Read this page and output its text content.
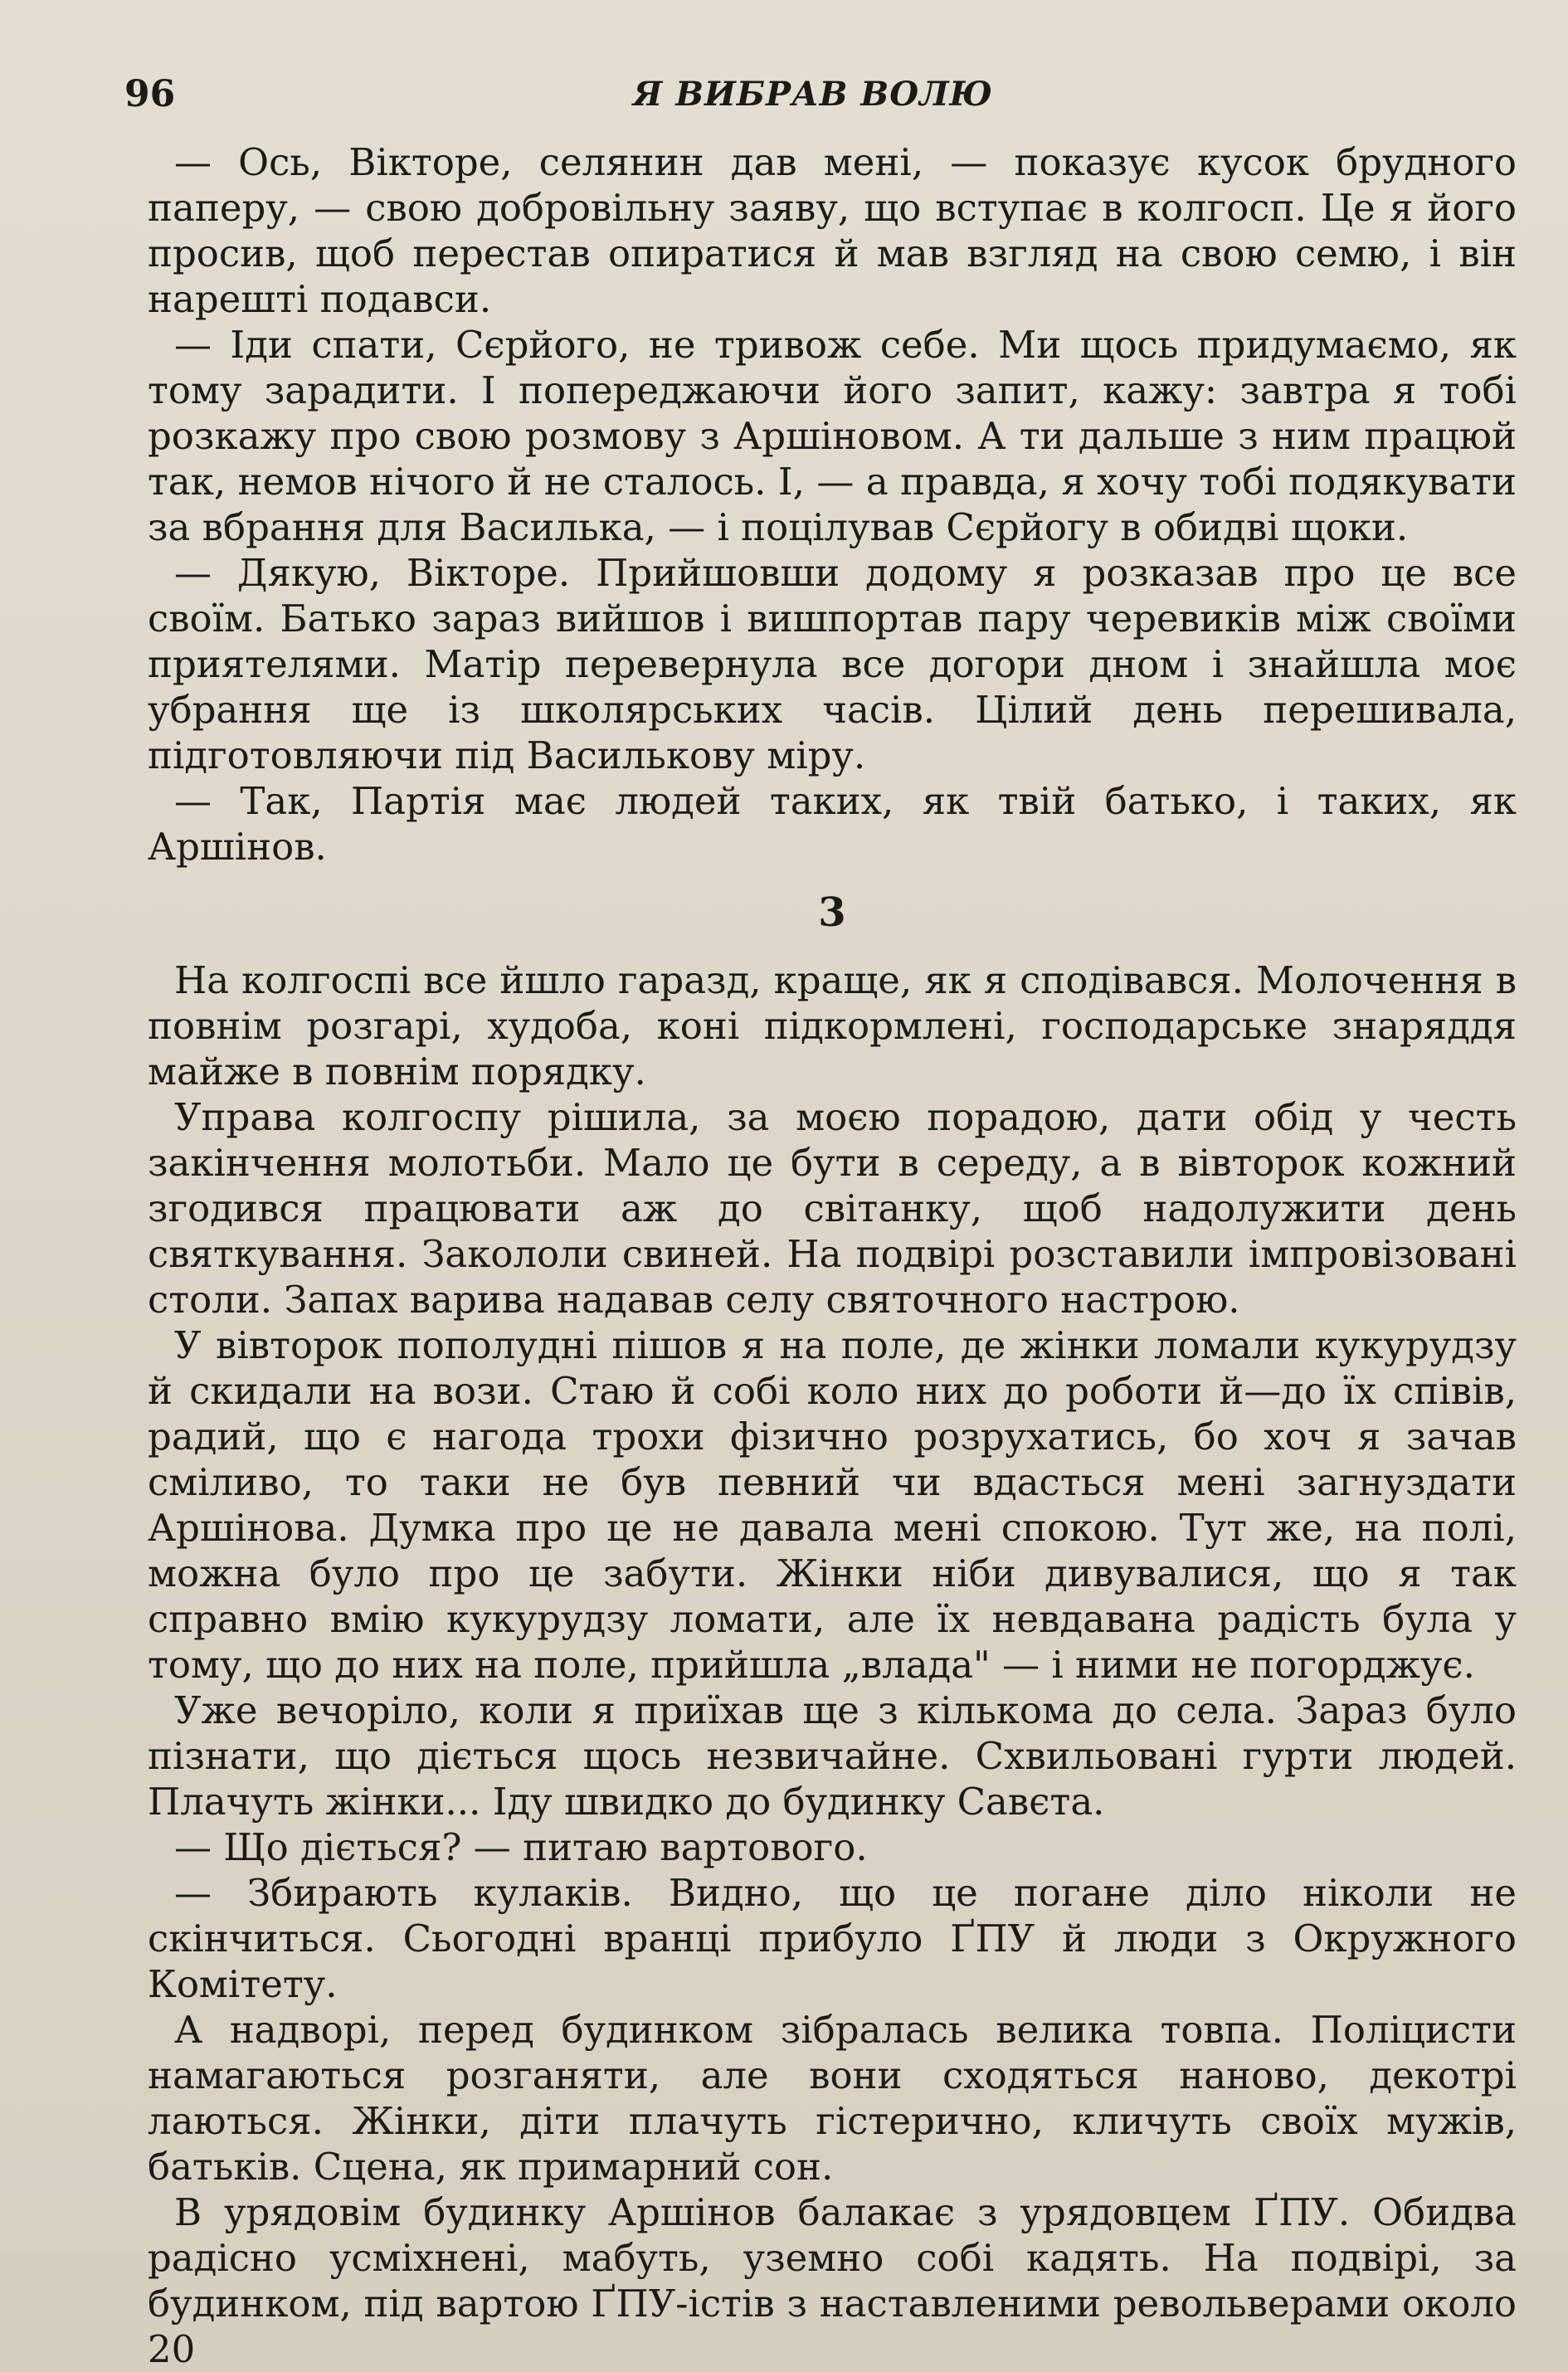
96	Я ВИБРАВ ВОЛЮ

— Ось, Вікторе, селянин дав мені, — показує кусок брудного паперу, — свою добровільну заяву, що вступає в колгосп. Це я його просив, щоб перестав опиратися й мав взгляд на свою семю, і він нарешті подавси.

— Іди спати, Сєрйого, не тривож себе. Ми щось придумаємо, як тому зарадити. І попереджаючи його запит, кажу: завтра я тобі розкажу про свою розмову з Аршіновом. А ти дальше з ним працюй так, немов нічого й не сталось. І, — а правда, я хочу тобі подякувати за вбрання для Василька, — і поцілував Сєрйогу в обидві щоки.

— Дякую, Вікторе. Прийшовши додому я розказав про це все своїм. Батько зараз вийшов і вишпортав пару черевиків між своїми приятелями. Матір перевернула все догори дном і знайшла моє убрання ще із школярських часів. Цілий день перешивала, підготовляючи під Василькову міру.

— Так, Партія має людей таких, як твій батько, і таких, як Аршінов.

3

На колгоспі все йшло гаразд, краще, як я сподівався. Молочення в повнім розгарі, худоба, коні підкормлені, господарське знаряддя майже в повнім порядку.

Управа колгоспу рішила, за моєю порадою, дати обід у честь закінчення молотьби. Мало це бути в середу, а в вівторок кожний згодився працювати аж до світанку, щоб надолужити день святкування. Закололи свиней. На подвірі розставили імпровізовані столи. Запах варива надавав селу святочного настрою.

У вівторок пополудні пішов я на поле, де жінки ломали кукурудзу й скидали на вози. Стаю й собі коло них до роботи й—до їх співів, радий, що є нагода трохи фізично розрухатись, бо хоч я зачав сміливо, то таки не був певний чи вдасться мені загнуздати Аршінова. Думка про це не давала мені спокою. Тут же, на полі, можна було про це забути. Жінки ніби дивувалися, що я так справно вмію кукурудзу ломати, але їх невдавана радість була у тому, що до них на поле, прийшла „влада" — і ними не погорджує.

Уже вечоріло, коли я приїхав ще з кількома до села. Зараз було пізнати, що діється щось незвичайне. Схвильовані гурти людей. Плачуть жінки... Іду швидко до будинку Савєта.

— Що діється? — питаю вартового.

— Збирають кулаків. Видно, що це погане діло ніколи не скінчиться. Сьогодні вранці прибуло ҐПУ й люди з Окружного Комітету.

А надворі, перед будинком зібралась велика товпа. Поліцисти намагаються розганяти, але вони сходяться наново, декотрі лаються. Жінки, діти плачуть гістерично, кличуть своїх мужів, батьків. Сцена, як примарний сон.

В урядовім будинку Аршінов балакає з урядовцем ҐПУ. Обидва радісно усміхнені, мабуть, уземно собі кадять. На подвірі, за будинком, під вартою ҐПУ-істів з наставленими револьверами около 20
